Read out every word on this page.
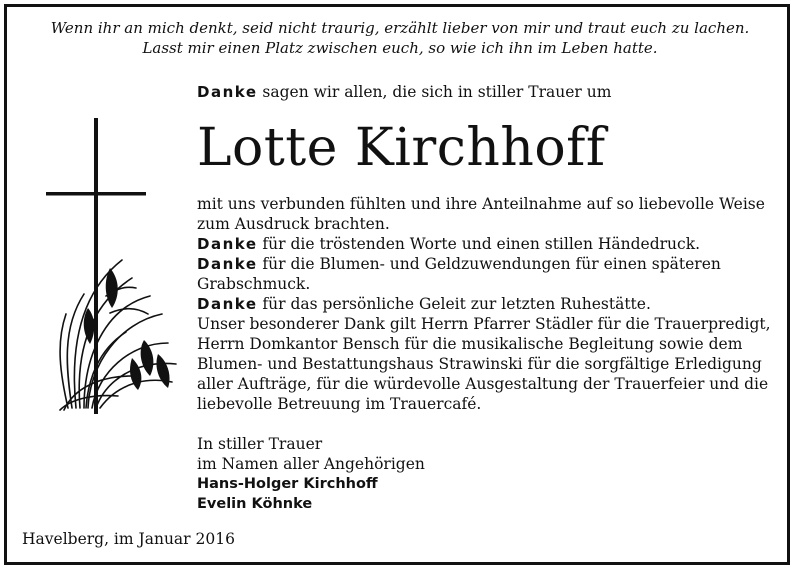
Wenn ihr an mich denkt, seid nicht traurig, erzählt lieber von mir und traut euch zu lachen.
Lasst mir einen Platz zwischen euch, so wie ich ihn im Leben hatte.
Danke sagen wir allen, die sich in stiller Trauer um
Lotte Kirchhoff
mit uns verbunden fühlten und ihre Anteilnahme auf so liebevolle Weise
zum Ausdruck brachten.
Danke für die tröstenden Worte und einen stillen Händedruck.
Danke für die Blumen- und Geldzuwendungen für einen späteren
Grabschmuck.
Danke für das persönliche Geleit zur letzten Ruhestätte.
Unser besonderer Dank gilt Herrn Pfarrer Städler für die Trauerpredigt,
Herrn Domkantor Bensch für die musikalische Begleitung sowie dem
Blumen- und Bestattungshaus Strawinski für die sorgfältige Erledigung
aller Aufträge, für die würdevolle Ausgestaltung der Trauerfeier und die
liebevolle Betreuung im Trauercafé.
In stiller Trauer
im Namen aller Angehörigen
Hans-Holger Kirchhoff
Evelin Köhnke
Havelberg, im Januar 2016
